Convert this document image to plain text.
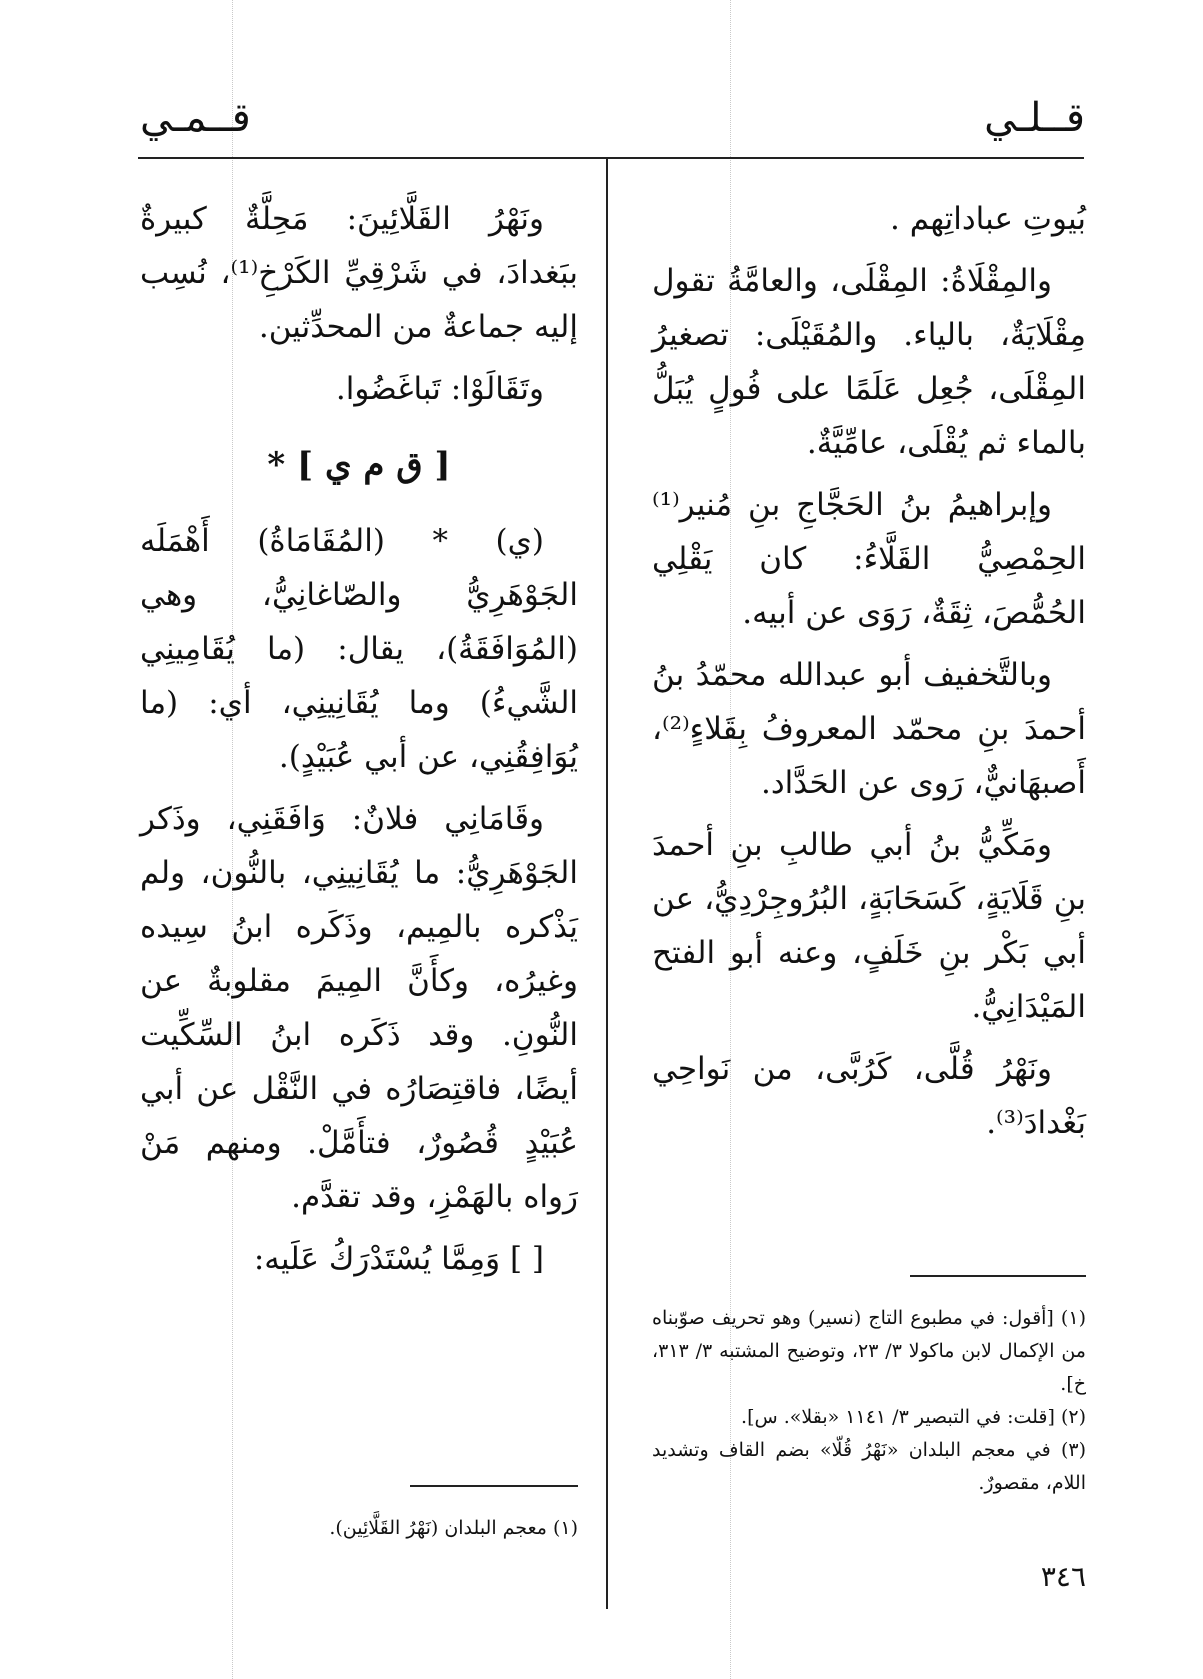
قــلـي
قــمـي

بُيوتِ عباداتِهم .

والمِقْلَاةُ: المِقْلَى، والعامَّةُ تقول مِقْلَايَةٌ، بالياء. والمُقَيْلَى: تصغيرُ المِقْلَى، جُعِل عَلَمًا على فُولٍ يُبَلُّ بالماء ثم يُقْلَى، عامِّيَّةٌ.

وإبراهيمُ بنُ الحَجَّاجِ بنِ مُنير⁽¹⁾ الحِمْصِيُّ القَلَّاءُ: كان يَقْلِي الحُمُّصَ، ثِقَةٌ، رَوَى عن أبيه.

وبالتَّخفيف أبو عبدالله محمّدُ بنُ أحمدَ بنِ محمّد المعروفُ بِقَلاءٍ⁽²⁾، أَصبهَانيٌّ، رَوى عن الحَدَّاد.

ومَكِّيُّ بنُ أبي طالبِ بنِ أحمدَ بنِ قَلَايَةٍ، كَسَحَابَةٍ، البُرُوجِرْدِيُّ، عن أبي بَكْر بنِ خَلَفٍ، وعنه أبو الفتح المَيْدَانِيُّ.

ونَهْرُ قُلَّى، كَرُبَّى، من نَواحِي بَغْدادَ⁽³⁾.

(١) [أقول: في مطبوع التاج (نسير) وهو تحريف صوّبناه من الإكمال لابن ماكولا ٣/ ٢٣، وتوضيح المشتبه ٣/ ٣١٣، خ].

(٢) [قلت: في التبصير ٣/ ١١٤١ «بقلا». س].

(٣) في معجم البلدان «نَهْرُ قُلّا» بضم القاف وتشديد اللام، مقصورٌ.

ونَهْرُ القَلَّائِينَ: مَحِلَّةٌ كبيرةٌ ببَغدادَ، في شَرْقِيِّ الكَرْخِ⁽¹⁾، نُسِب إليه جماعةٌ من المحدِّثين.

وتَقَالَوْا: تَباغَضُوا.

[ ق م ي ] *

(ي) * (المُقَامَاةُ) أَهْمَلَه الجَوْهَرِيُّ والصّاغانِيُّ، وهي (المُوَافَقَةُ)، يقال: (ما يُقَامِينِي الشَّيءُ) وما يُقَانِينِي، أي: (ما يُوَافِقُنِي، عن أبي عُبَيْدٍ).

وقَامَانِي فلانٌ: وَافَقَنِي، وذَكر الجَوْهَرِيُّ: ما يُقَانِينِي، بالنُّون، ولم يَذْكره بالمِيم، وذَكَره ابنُ سِيده وغيرُه، وكأَنَّ المِيمَ مقلوبةٌ عن النُّونِ. وقد ذَكَره ابنُ السِّكِّيت أيضًا، فاقتِصَارُه في النَّقْل عن أبي عُبَيْدٍ قُصُورٌ، فتأَمَّلْ. ومنهم مَنْ رَواه بالهَمْزِ، وقد تقدَّم.

[ ] وَمِمَّا يُسْتَدْرَكُ عَلَيه:

(١) معجم البلدان (نَهْرُ القَلَّائِين).

٣٤٦
